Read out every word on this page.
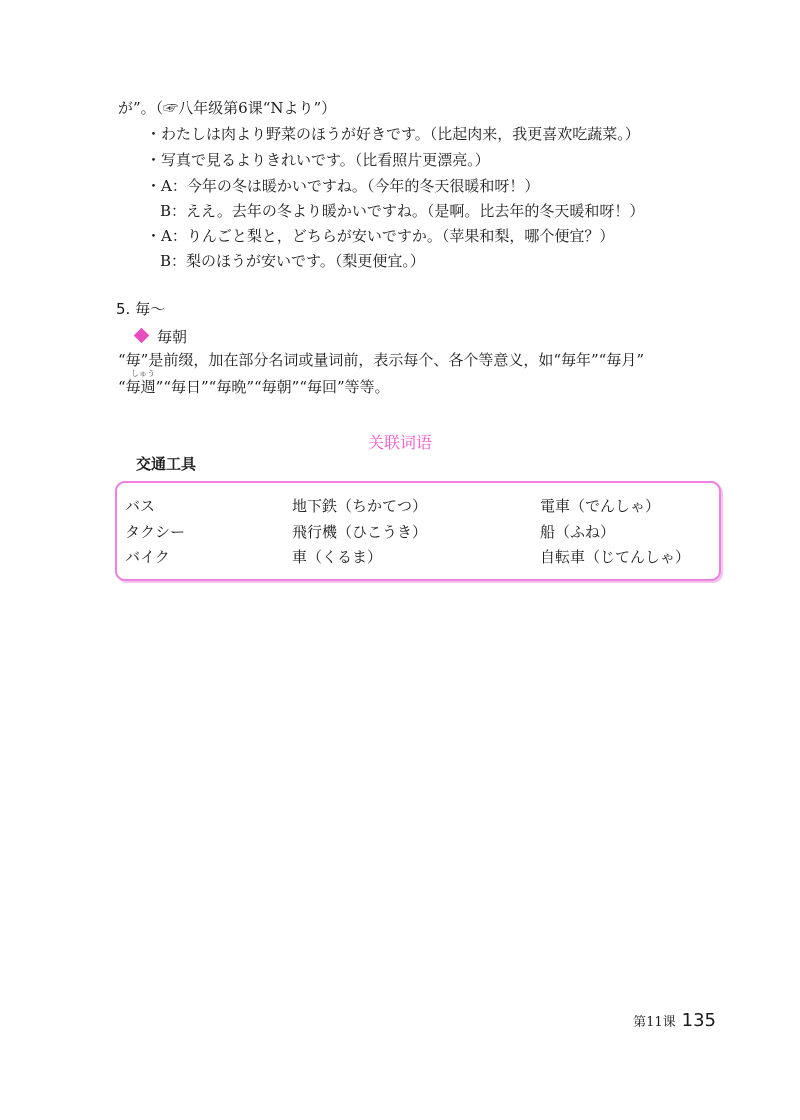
が”。（☞八年级第6课“Nより”）
・わたしは肉より野菜のほうが好きです。（比起肉来，我更喜欢吃蔬菜。）
・写真で見るよりきれいです。（比看照片更漂亮。）
・A：今年の冬は暖かいですね。（今年的冬天很暖和呀！）
B：ええ。去年の冬より暖かいですね。（是啊。比去年的冬天暖和呀！）
・A：りんごと梨と，どちらが安いですか。（苹果和梨，哪个便宜？）
B：梨のほうが安いです。（梨更便宜。）
5. 毎～
毎朝
“毎”是前缀，加在部分名词或量词前，表示每个、各个等意义，如“毎年”“毎月”
しゅう
“毎週”“毎日”“毎晩”“毎朝”“毎回”等等。
关联词语
交通工具
バス	地下鉄（ちかてつ）	電車（でんしゃ）
タクシー	飛行機（ひこうき）	船（ふね）
バイク	車（くるま）	自転車（じてんしゃ）
第11课 135
